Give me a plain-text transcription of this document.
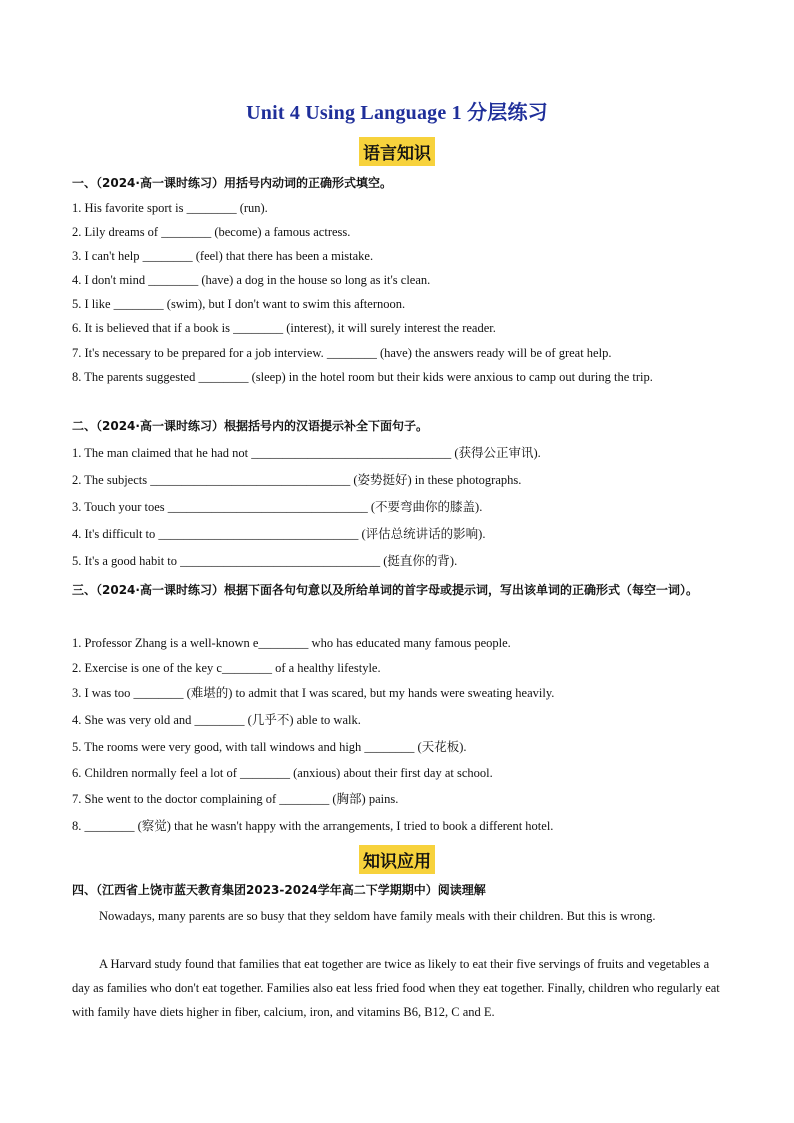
Unit 4 Using Language 1 分层练习
语言知识
一、（2024·高一课时练习）用括号内动词的正确形式填空。
1. His favorite sport is ________ (run).
2. Lily dreams of ________ (become) a famous actress.
3. I can't help ________ (feel) that there has been a mistake.
4. I don't mind ________ (have) a dog in the house so long as it's clean.
5. I like ________ (swim), but I don't want to swim this afternoon.
6. It is believed that if a book is ________ (interest), it will surely interest the reader.
7. It's necessary to be prepared for a job interview. ________ (have) the answers ready will be of great help.
8. The parents suggested ________ (sleep) in the hotel room but their kids were anxious to camp out during the trip.
二、（2024·高一课时练习）根据括号内的汉语提示补全下面句子。
1. The man claimed that he had not ________________________________ (获得公正审讯).
2. The subjects ________________________________ (姿势挺好) in these photographs.
3. Touch your toes ________________________________ (不要弯曲你的膝盖).
4. It's difficult to ________________________________ (评估总统讲话的影响).
5. It's a good habit to ________________________________ (挺直你的背).
三、（2024·高一课时练习）根据下面各句句意以及所给单词的首字母或提示词，写出该单词的正确形式（每空一词）。
1. Professor Zhang is a well-known e________ who has educated many famous people.
2. Exercise is one of the key c________ of a healthy lifestyle.
3. I was too ________ (难堪的) to admit that I was scared, but my hands were sweating heavily.
4. She was very old and ________ (几乎不) able to walk.
5. The rooms were very good, with tall windows and high ________ (天花板).
6. Children normally feel a lot of ________ (anxious) about their first day at school.
7. She went to the doctor complaining of ________ (胸部) pains.
8. ________ (察觉) that he wasn't happy with the arrangements, I tried to book a different hotel.
知识应用
四、（江西省上饶市蓝天教育集团2023-2024学年高二下学期期中）阅读理解
Nowadays, many parents are so busy that they seldom have family meals with their children. But this is wrong.
A Harvard study found that families that eat together are twice as likely to eat their five servings of fruits and vegetables a day as families who don't eat together. Families also eat less fried food when they eat together. Finally, children who regularly eat with family have diets higher in fiber, calcium, iron, and vitamins B6, B12, C and E.
